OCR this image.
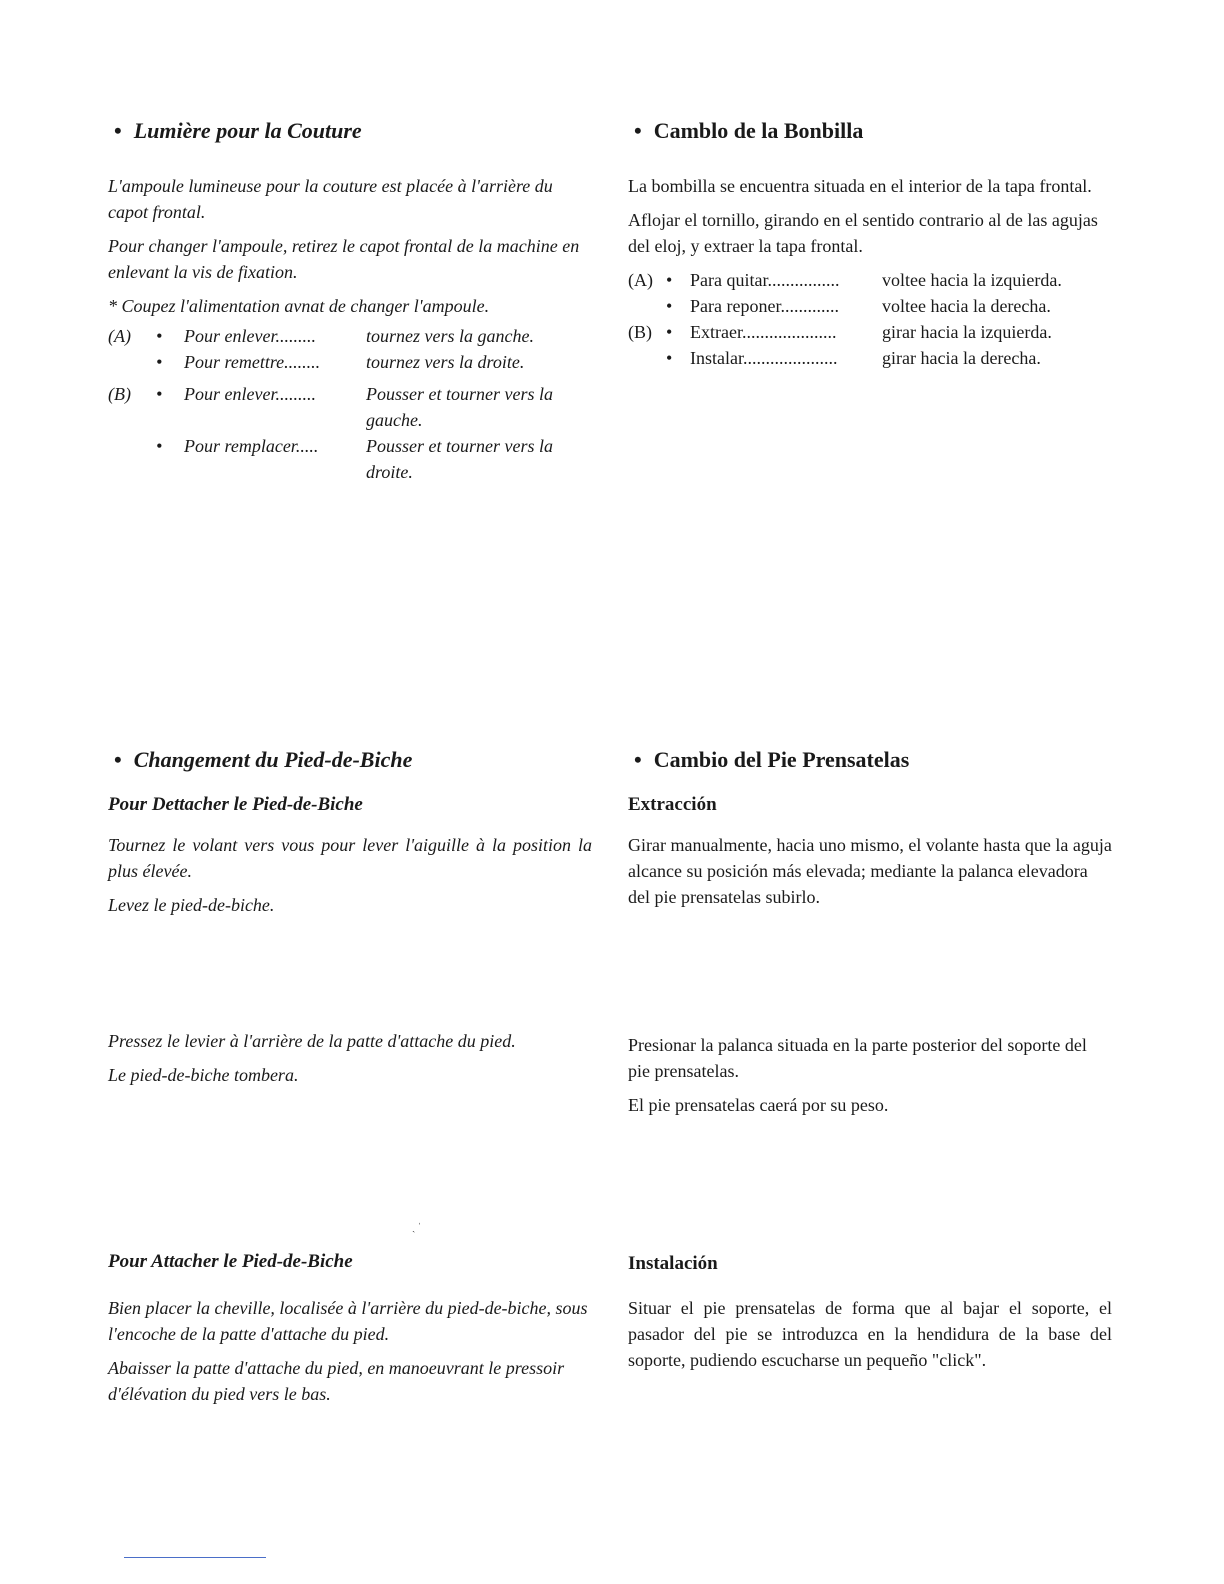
• Lumière pour la Couture

L'ampoule lumineuse pour la couture est placée à l'arrière du capot frontal.

Pour changer l'ampoule, retirez le capot frontal de la machine en enlevant la vis de fixation.

* Coupez l'alimentation avnat de changer l'ampoule.

(A)	•	Pour enlever.........	tournez vers la ganche.
	•	Pour remettre........	tournez vers la droite.
(B)	•	Pour enlever.........	Pousser et tourner vers la gauche.
	•	Pour remplacer.....	Pousser et tourner vers la droite.
• Camblo de la Bonbilla

La bombilla se encuentra situada en el interior de la tapa frontal.

Aflojar el tornillo, girando en el sentido contrario al de las agujas del eloj, y extraer la tapa frontal.

(A)	•	Para quitar................	voltee hacia la izquierda.
	•	Para reponer.............	voltee hacia la derecha.
(B)	•	Extraer.....................	girar hacia la izquierda.
	•	Instalar.....................	girar hacia la derecha.
• Changement du Pied-de-Biche
Pour Dettacher le Pied-de-Biche

Tournez le volant vers vous pour lever l'aiguille à la position la plus élevée.

Levez le pied-de-biche.

Pressez le levier à l'arrière de la patte d'attache du pied.

Le pied-de-biche tombera.

ˎ ˈ
Pour Attacher le Pied-de-Biche

Bien placer la cheville, localisée à l'arrière du pied-de-biche, sous l'encoche de la patte d'attache du pied.

Abaisser la patte d'attache du pied, en manoeuvrant le pressoir d'élévation du pied vers le bas.

• Cambio del Pie Prensatelas
Extracción

Girar manualmente, hacia uno mismo, el volante hasta que la aguja alcance su posición más elevada; mediante la palanca elevadora del pie prensatelas subirlo.

Presionar la palanca situada en la parte posterior del soporte del pie prensatelas.

El pie prensatelas caerá por su peso.

Instalación

Situar el pie prensatelas de forma que al bajar el soporte, el pasador del pie se introduzca en la hendidura de la base del soporte, pudiendo escucharse un pequeño "click".
